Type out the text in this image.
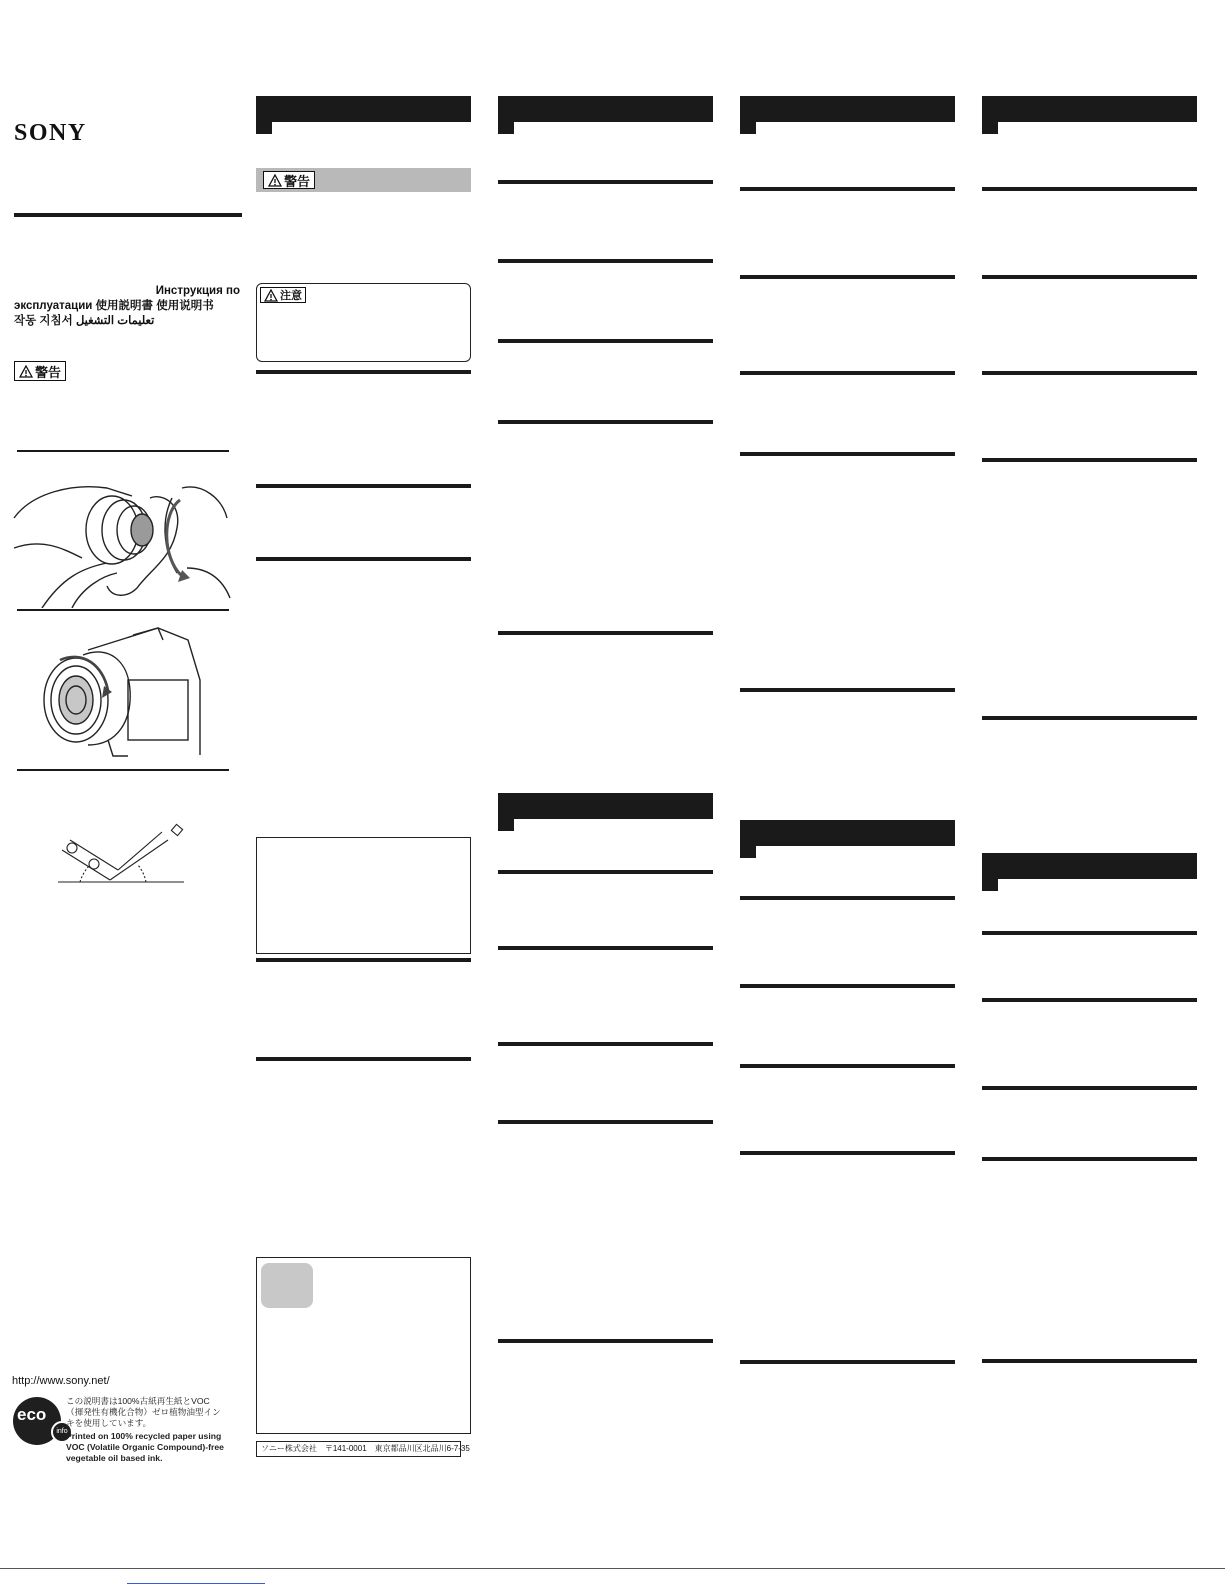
SONY
Инструкция по
эксплуатации 使用説明書 使用说明书
작동 지침서 تعليمات التشغيل
警告
http://www.sony.net/
eco
info
この説明書は100%古紙再生紙とVOC（揮発性有機化合物）ゼロ植物油型インキを使用しています。
Printed on 100% recycled paper using VOC (Volatile Organic Compound)-free vegetable oil based ink.
警告
注意
ソニー株式会社　〒141-0001　東京都品川区北品川6-7-35
